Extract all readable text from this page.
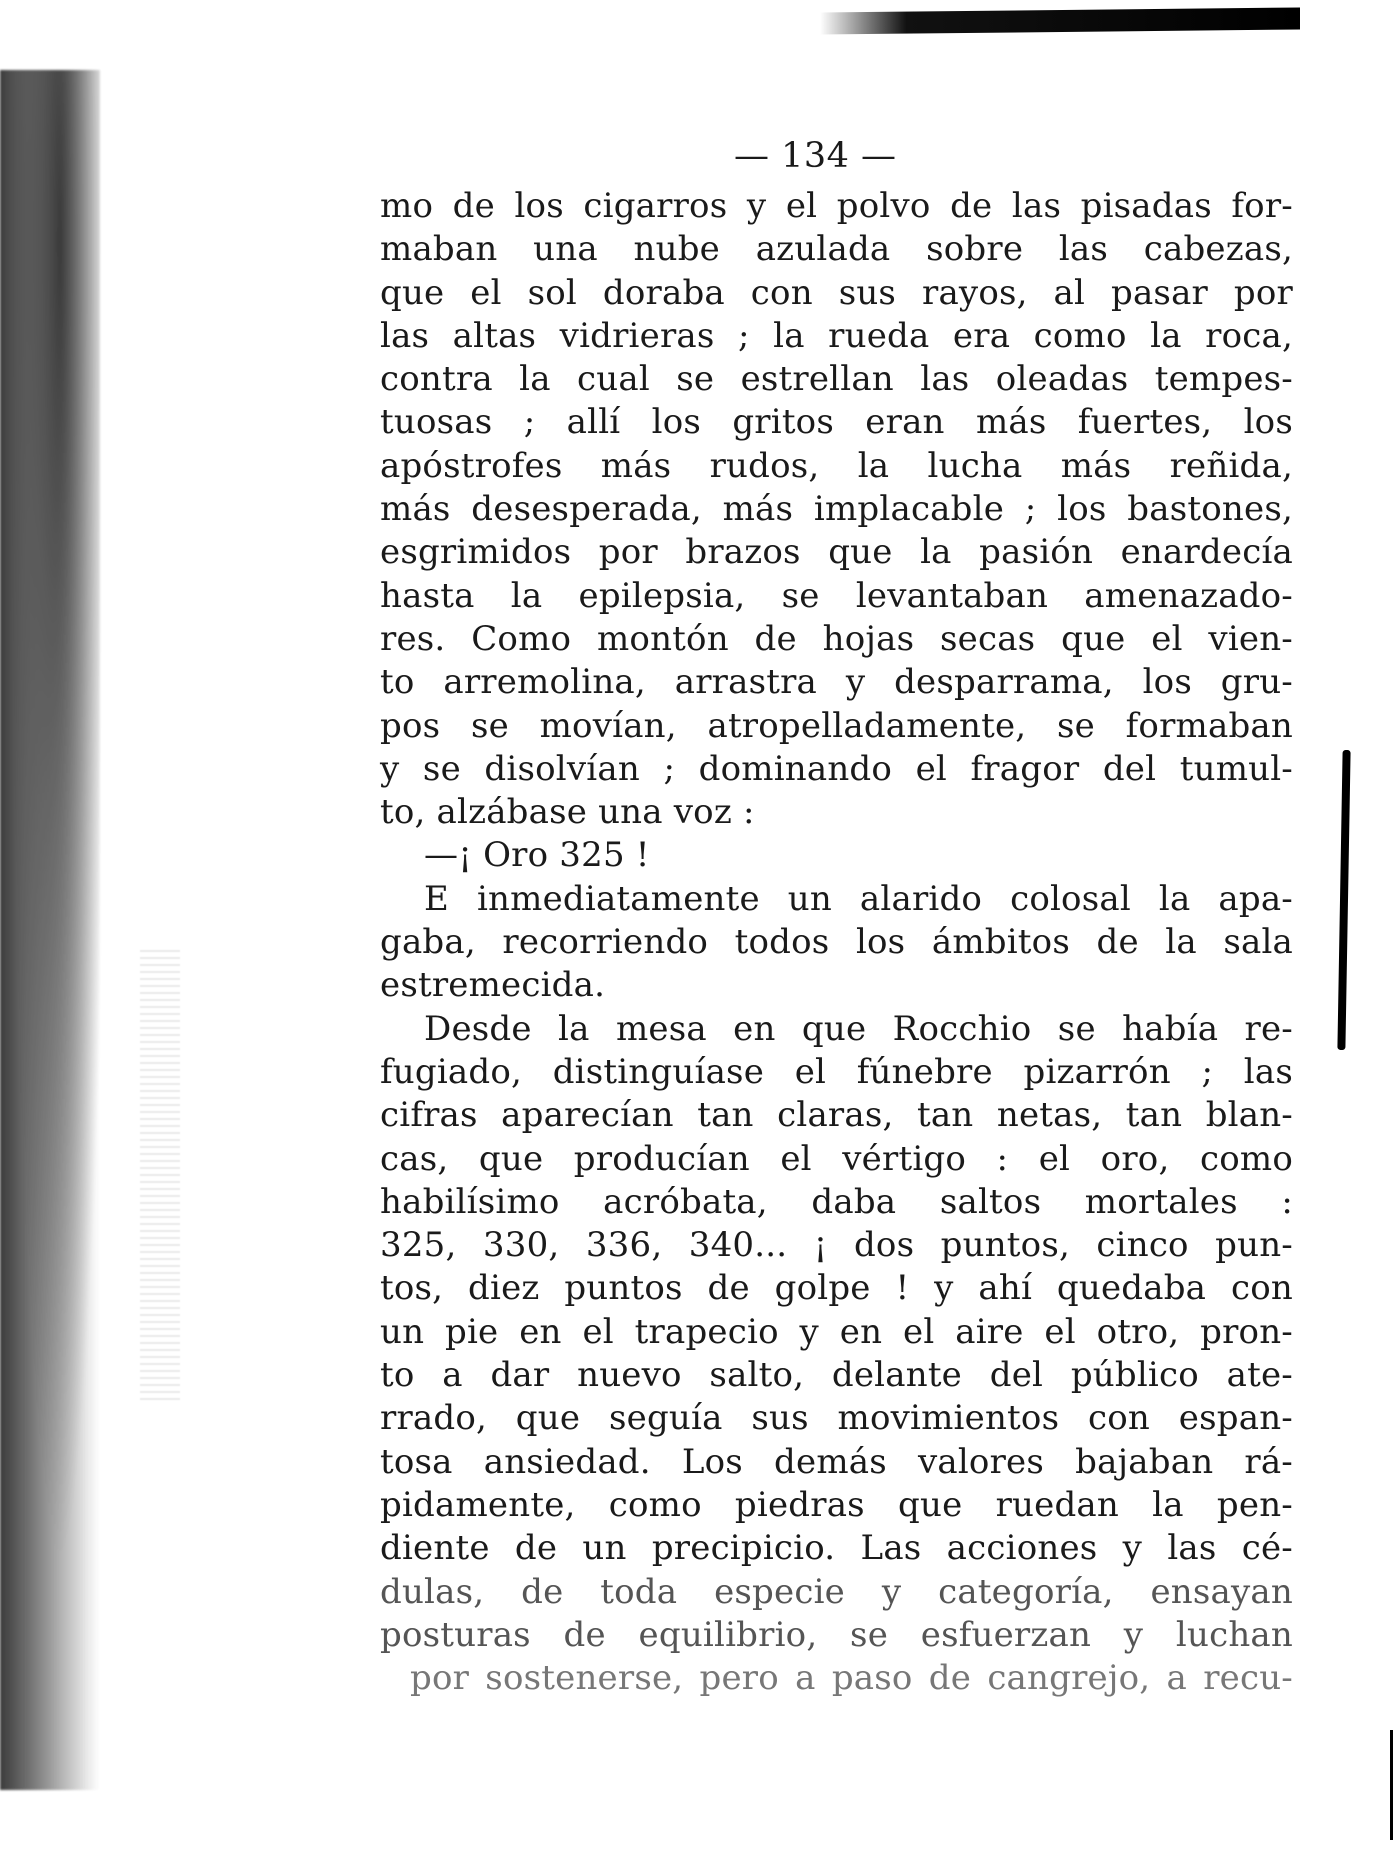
— 134 —
mo de los cigarros y el polvo de las pisadas for-
maban una nube azulada sobre las cabezas,
que el sol doraba con sus rayos, al pasar por
las altas vidrieras ; la rueda era como la roca,
contra la cual se estrellan las oleadas tempes-
tuosas ; allí los gritos eran más fuertes, los
apóstrofes más rudos, la lucha más reñida,
más desesperada, más implacable ; los bastones,
esgrimidos por brazos que la pasión enardecía
hasta la epilepsia, se levantaban amenazado-
res. Como montón de hojas secas que el vien-
to arremolina, arrastra y desparrama, los gru-
pos se movían, atropelladamente, se formaban
y se disolvían ; dominando el fragor del tumul-
to, alzábase una voz :
—¡ Oro 325 !
E inmediatamente un alarido colosal la apa-
gaba, recorriendo todos los ámbitos de la sala
estremecida.
Desde la mesa en que Rocchio se había re-
fugiado, distinguíase el fúnebre pizarrón ; las
cifras aparecían tan claras, tan netas, tan blan-
cas, que producían el vértigo : el oro, como
habilísimo acróbata, daba saltos mortales :
325, 330, 336, 340... ¡ dos puntos, cinco pun-
tos, diez puntos de golpe ! y ahí quedaba con
un pie en el trapecio y en el aire el otro, pron-
to a dar nuevo salto, delante del público ate-
rrado, que seguía sus movimientos con espan-
tosa ansiedad. Los demás valores bajaban rá-
pidamente, como piedras que ruedan la pen-
diente de un precipicio. Las acciones y las cé-
dulas, de toda especie y categoría, ensayan
posturas de equilibrio, se esfuerzan y luchan
por sostenerse, pero a paso de cangrejo, a recu-
